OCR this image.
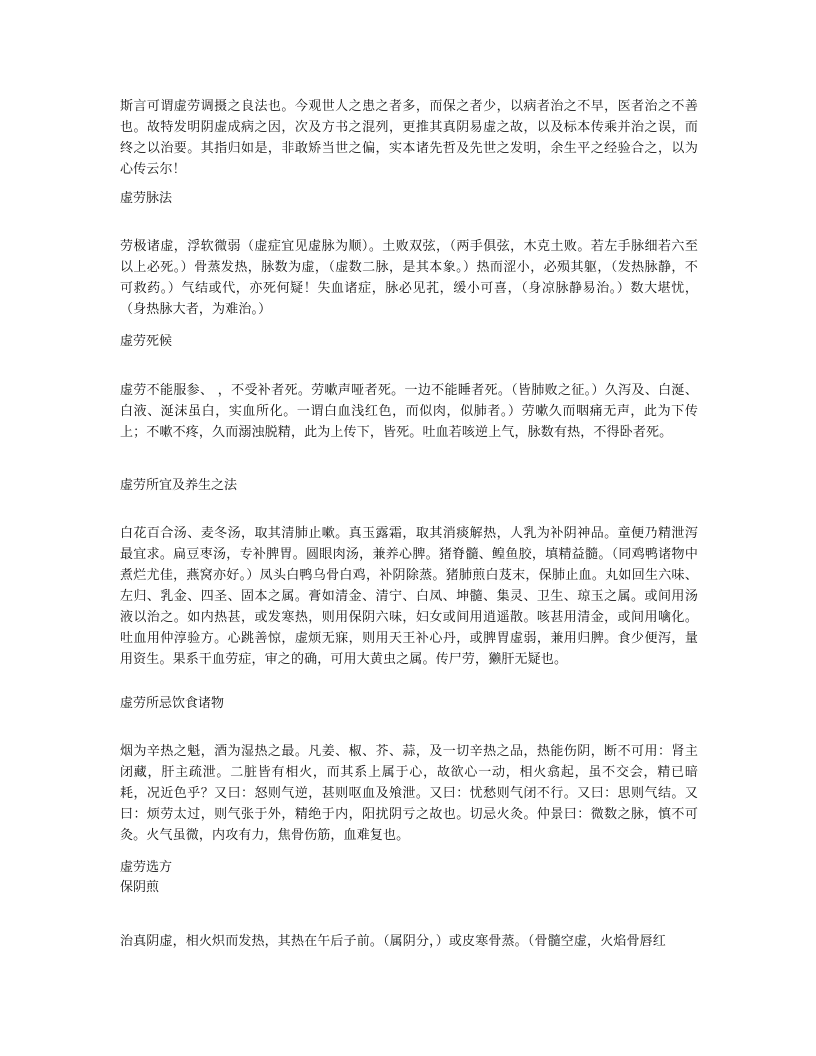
斯言可谓虚劳调摄之良法也。今观世人之患之者多，而保之者少，以病者治之不早，医者治之不善也。故特发明阴虚成病之因，次及方书之混列，更推其真阴易虚之故，以及标本传乘并治之误，而终之以治要。其指归如是，非敢矫当世之偏，实本诸先哲及先世之发明，余生平之经验合之，以为心传云尔！

虚劳脉法

劳极诸虚，浮软微弱（虚症宜见虚脉为顺）。土败双弦，（两手俱弦，木克土败。若左手脉细若六至以上必死。）骨蒸发热，脉数为虚，（虚数二脉，是其本象。）热而涩小，必殒其躯，（发热脉静，不可救药。）气结或代，亦死何疑！失血诸症，脉必见芤，缓小可喜，（身凉脉静易治。）数大堪忧，（身热脉大者，为难治。）

虚劳死候

虚劳不能服参、 ，不受补者死。劳嗽声哑者死。一边不能睡者死。（皆肺败之征。）久泻及、白涎、白液、涎沫虽白，实血所化。一谓白血浅红色，而似肉，似肺者。）劳嗽久而咽痛无声，此为下传上；不嗽不疼，久而溺浊脱精，此为上传下，皆死。吐血若咳逆上气，脉数有热，不得卧者死。

虚劳所宜及养生之法

白花百合汤、麦冬汤，取其清肺止嗽。真玉露霜，取其消痰解热，人乳为补阴神品。童便乃精泄泻最宜求。扁豆枣汤，专补脾胃。圆眼肉汤，兼养心脾。猪脊髓、鳇鱼胶，填精益髓。（同鸡鸭诸物中煮烂尤佳，燕窝亦好。）凤头白鸭乌骨白鸡，补阴除蒸。猪肺煎白芨末，保肺止血。丸如回生六味、左归、乳金、四圣、固本之属。膏如清金、清宁、白凤、坤髓、集灵、卫生、琼玉之属。或间用汤液以治之。如内热甚，或发寒热，则用保阴六味，妇女或间用逍遥散。咳甚用清金，或间用噙化。吐血用仲淳验方。心跳善惊，虚烦无寐，则用天王补心丹，或脾胃虚弱，兼用归脾。食少便泻，量用资生。果系干血劳症，审之的确，可用大黄虫之属。传尸劳，獭肝无疑也。

虚劳所忌饮食诸物

烟为辛热之魁，酒为湿热之最。凡姜、椒、芥、蒜，及一切辛热之品，热能伤阴，断不可用：肾主闭藏，肝主疏泄。二脏皆有相火，而其系上属于心，故欲心一动，相火翕起，虽不交会，精已暗耗，况近色乎？又曰：怒则气逆，甚则呕血及飧泄。又曰：忧愁则气闭不行。又曰：思则气结。又曰：烦劳太过，则气张于外，精绝于内，阳扰阴亏之故也。切忌火灸。仲景曰：微数之脉，慎不可灸。火气虽微，内攻有力，焦骨伤筋，血难复也。

虚劳选方

保阴煎

治真阴虚，相火炽而发热，其热在午后子前。（属阴分，）或皮寒骨蒸。（骨髓空虚，火焰骨唇红
